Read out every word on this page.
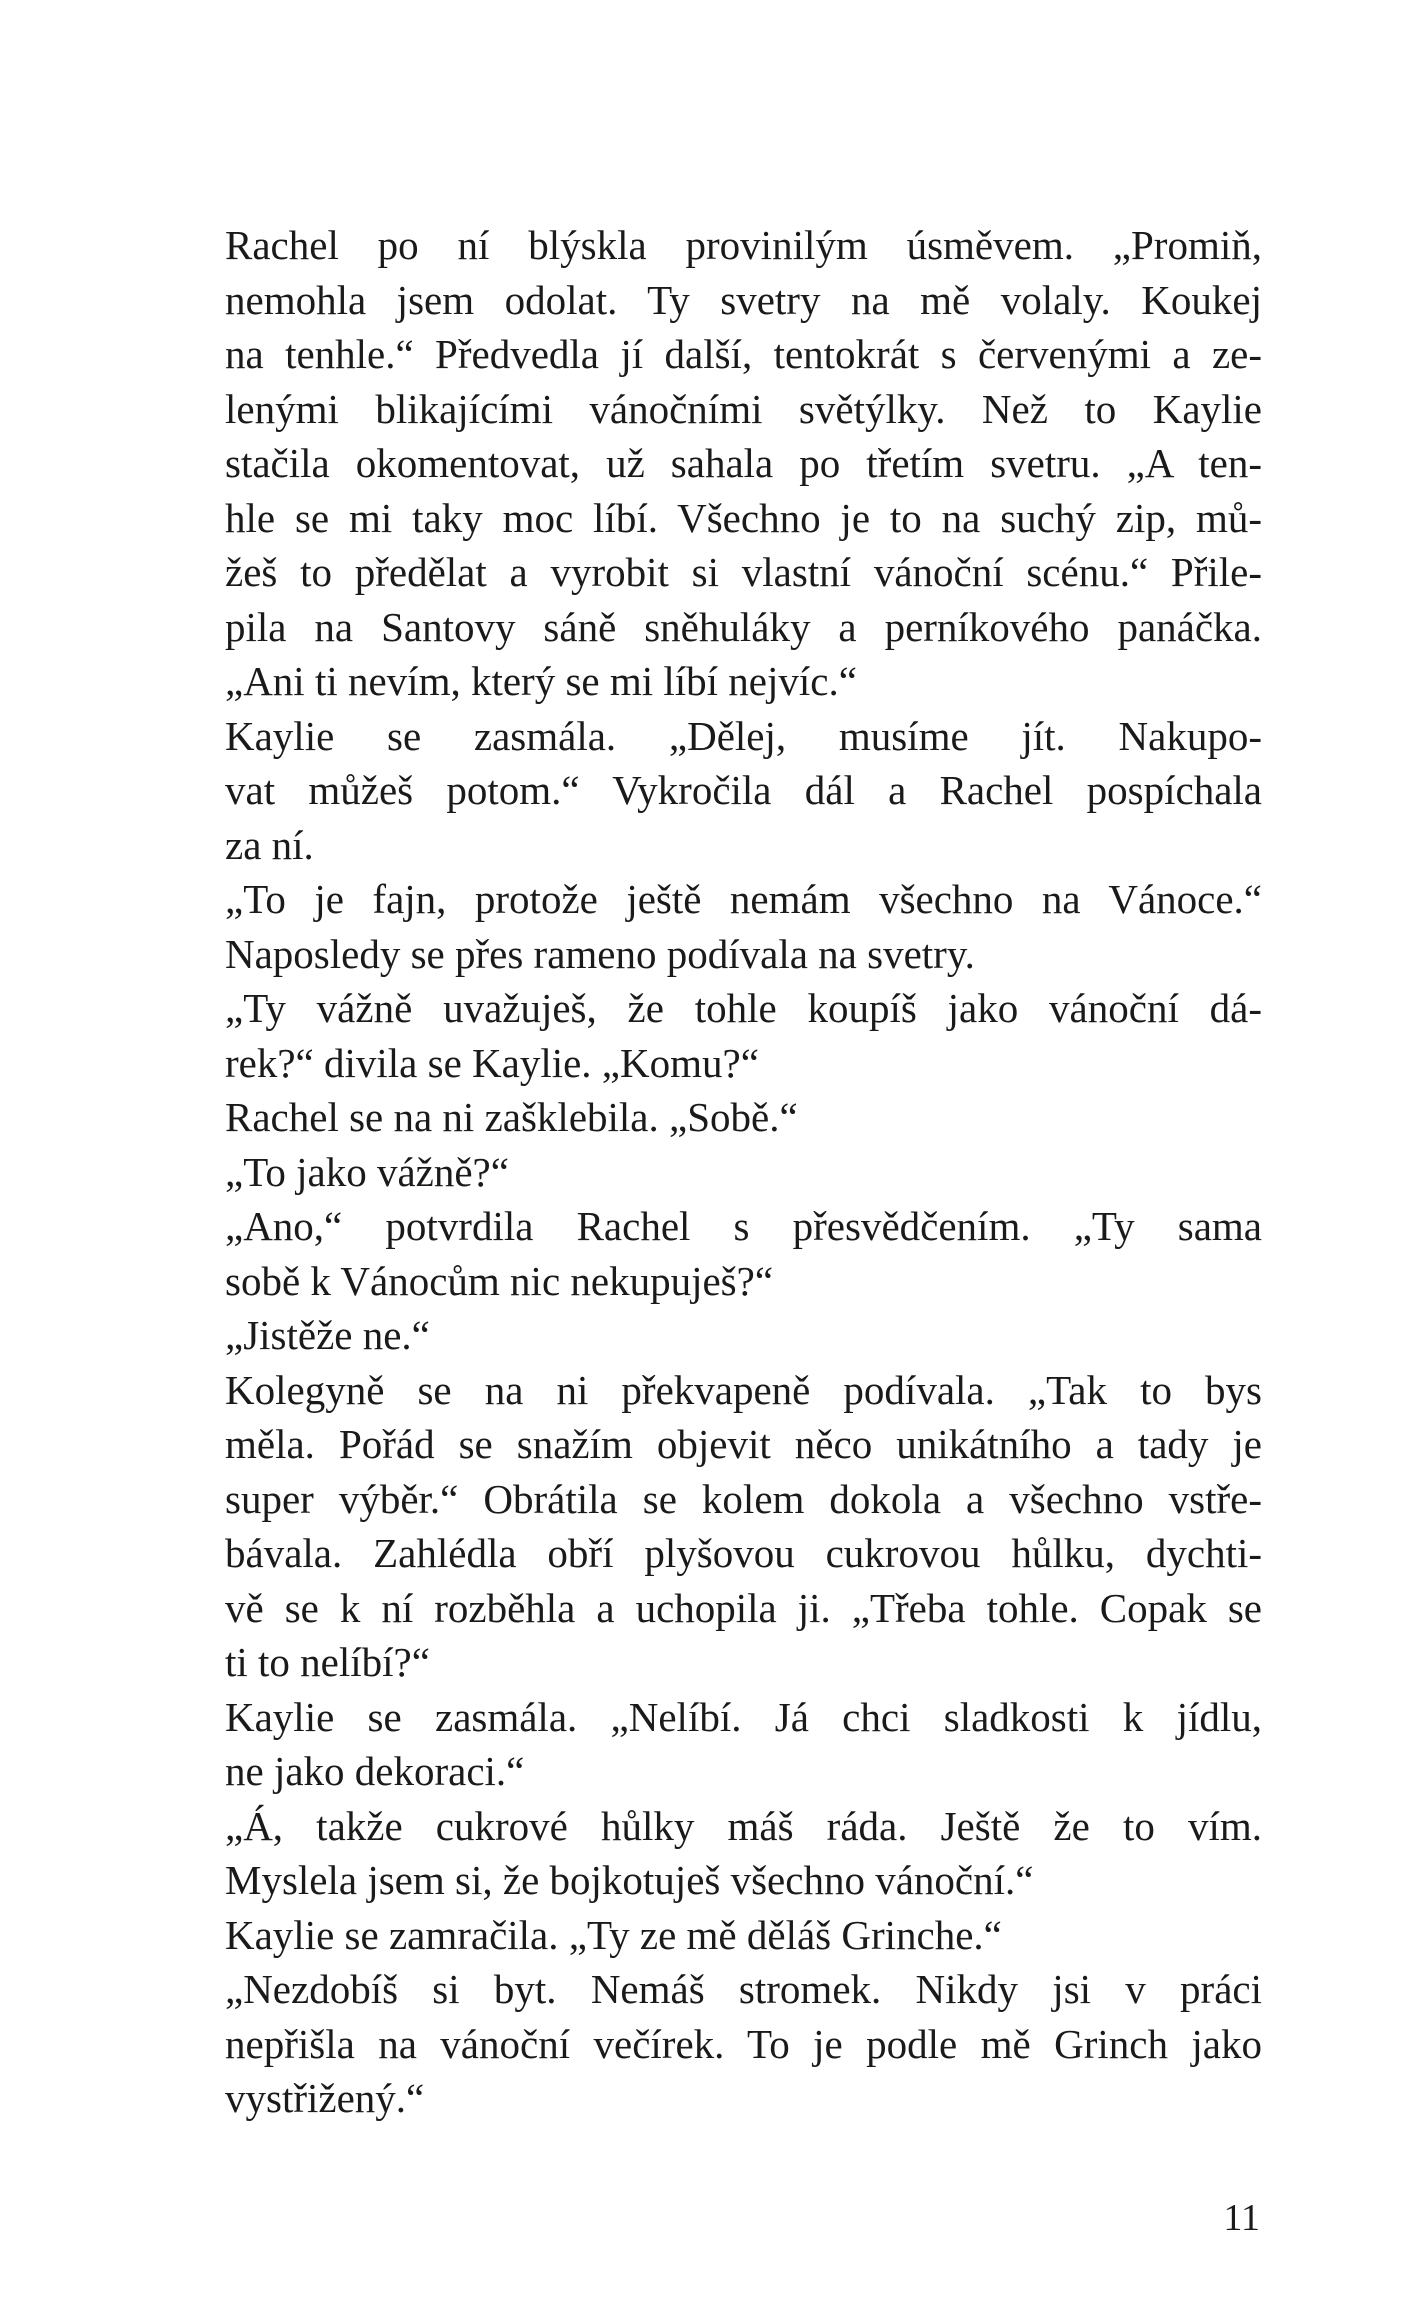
Rachel po ní blýskla provinilým úsměvem. „Promiň,
nemohla jsem odolat. Ty svetry na mě volaly. Koukej
na tenhle.“ Předvedla jí další, tentokrát s červenými a ze-
lenými blikajícími vánočními světýlky. Než to Kaylie
stačila okomentovat, už sahala po třetím svetru. „A ten-
hle se mi taky moc líbí. Všechno je to na suchý zip, mů-
žeš to předělat a vyrobit si vlastní vánoční scénu.“ Přile-
pila na Santovy sáně sněhuláky a perníkového panáčka.
„Ani ti nevím, který se mi líbí nejvíc.“

Kaylie se zasmála. „Dělej, musíme jít. Nakupo-
vat můžeš potom.“ Vykročila dál a Rachel pospíchala
za ní.

„To je fajn, protože ještě nemám všechno na Vánoce.“
Naposledy se přes rameno podívala na svetry.

„Ty vážně uvažuješ, že tohle koupíš jako vánoční dá-
rek?“ divila se Kaylie. „Komu?“

Rachel se na ni zašklebila. „Sobě.“

„To jako vážně?“

„Ano,“ potvrdila Rachel s přesvědčením. „Ty sama
sobě k Vánocům nic nekupuješ?“

„Jistěže ne.“

Kolegyně se na ni překvapeně podívala. „Tak to bys
měla. Pořád se snažím objevit něco unikátního a tady je
super výběr.“ Obrátila se kolem dokola a všechno vstře-
bávala. Zahlédla obří plyšovou cukrovou hůlku, dychti-
vě se k ní rozběhla a uchopila ji. „Třeba tohle. Copak se
ti to nelíbí?“

Kaylie se zasmála. „Nelíbí. Já chci sladkosti k jídlu,
ne jako dekoraci.“

„Á, takže cukrové hůlky máš ráda. Ještě že to vím.
Myslela jsem si, že bojkotuješ všechno vánoční.“

Kaylie se zamračila. „Ty ze mě děláš Grinche.“

„Nezdobíš si byt. Nemáš stromek. Nikdy jsi v práci
nepřišla na vánoční večírek. To je podle mě Grinch jako
vystřižený.“

11
